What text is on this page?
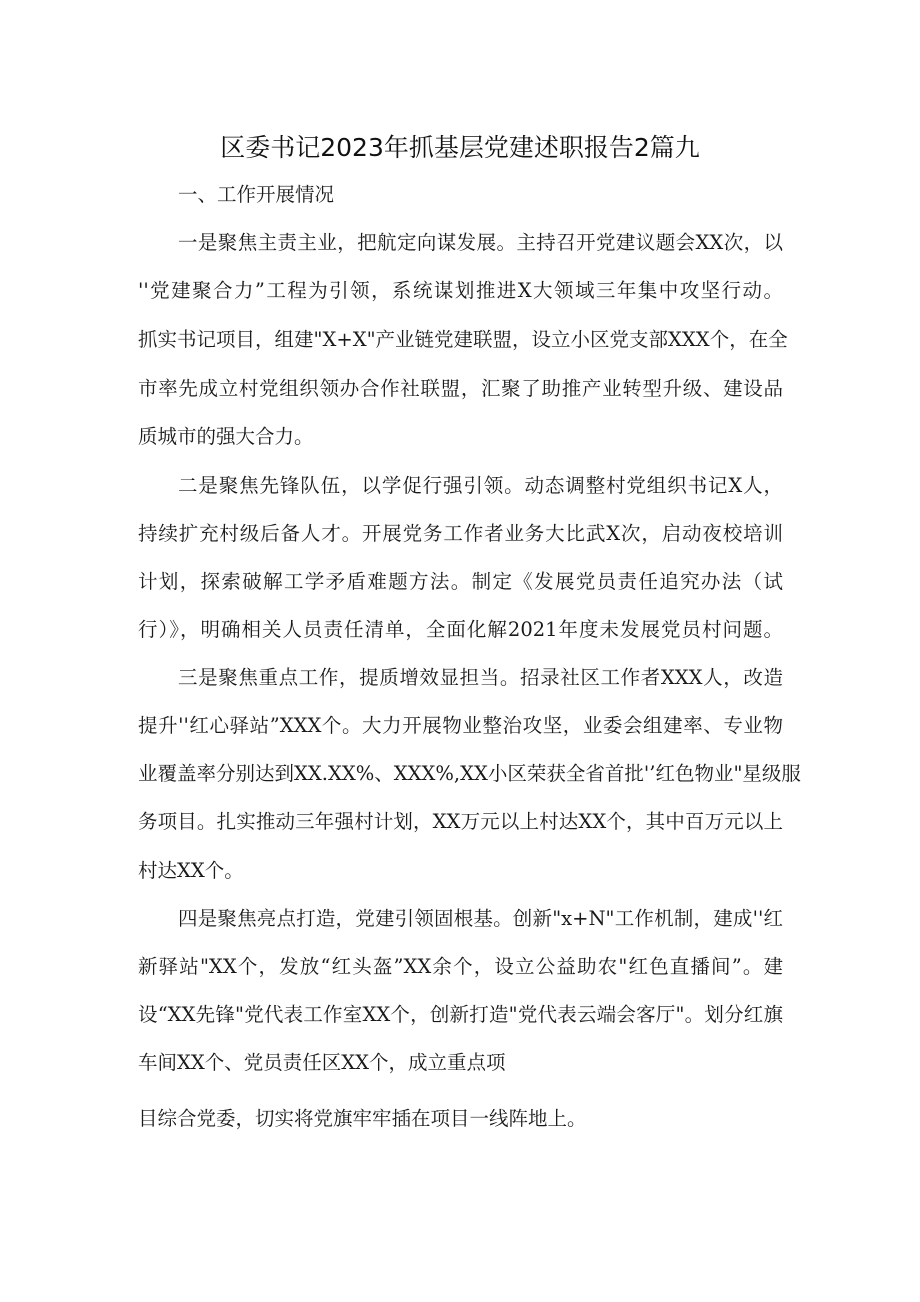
区委书记2023年抓基层党建述职报告2篇九
一、工作开展情况
一是聚焦主责主业，把航定向谋发展。主持召开党建议题会XX次，以
''党建聚合力”工程为引领，系统谋划推进X大领域三年集中攻坚行动。
抓实书记项目，组建"X+X"产业链党建联盟，设立小区党支部XXX个，在全
市率先成立村党组织领办合作社联盟，汇聚了助推产业转型升级、建设品
质城市的强大合力。
二是聚焦先锋队伍，以学促行强引领。动态调整村党组织书记X人，
持续扩充村级后备人才。开展党务工作者业务大比武X次，启动夜校培训
计划，探索破解工学矛盾难题方法。制定《发展党员责任追究办法（试
行）》，明确相关人员责任清单，全面化解2021年度未发展党员村问题。
三是聚焦重点工作，提质增效显担当。招录社区工作者XXX人，改造
提升''红心驿站”XXX个。大力开展物业整治攻坚，业委会组建率、专业物
业覆盖率分别达到XX.XX%、XXX%,XX小区荣获全省首批'’红色物业"星级服
务项目。扎实推动三年强村计划，XX万元以上村达XX个，其中百万元以上
村达XX个。
四是聚焦亮点打造，党建引领固根基。创新"x+N"工作机制，建成''红
新驿站"XX个，发放“红头盔”XX余个，设立公益助农"红色直播间”。建
设“XX先锋"党代表工作室XX个，创新打造"党代表云端会客厅"。划分红旗
车间XX个、党员责任区XX个，成立重点项
目综合党委，切实将党旗牢牢插在项目一线阵地上。
